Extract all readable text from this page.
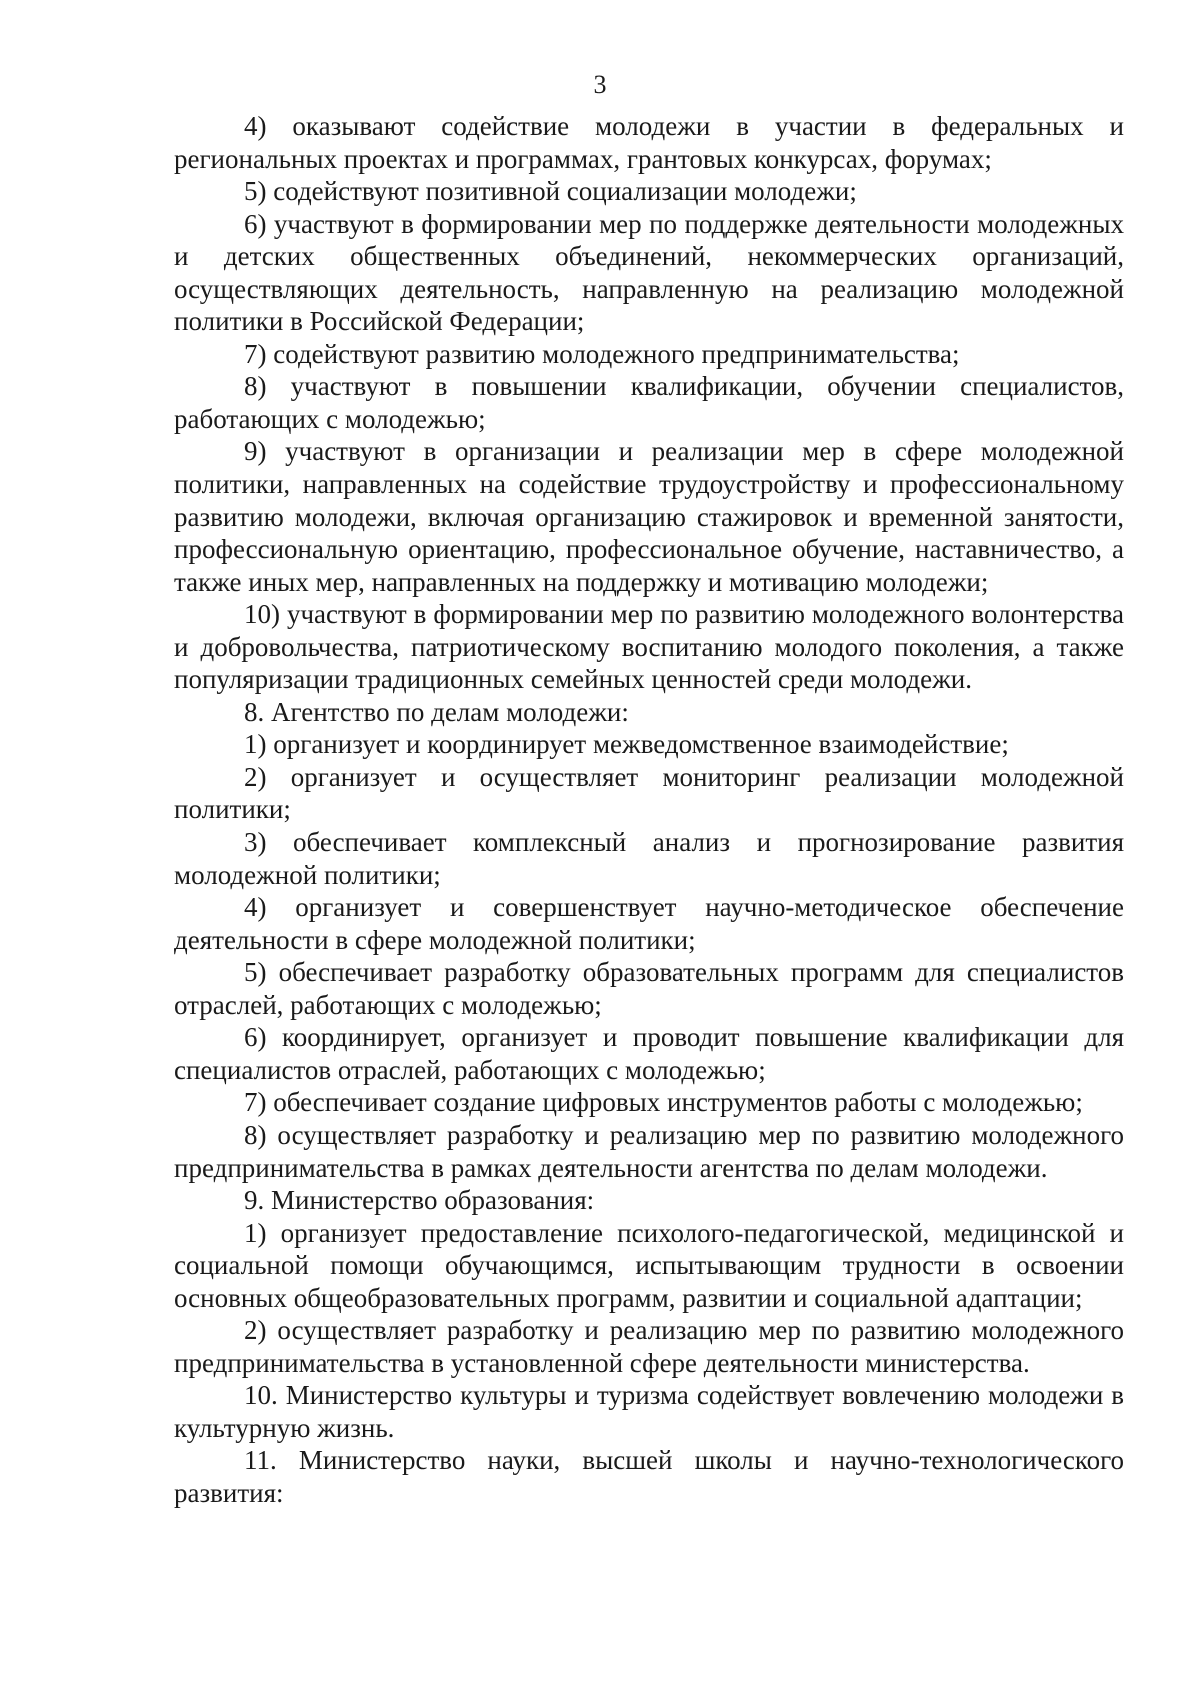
3

4) оказывают содействие молодежи в участии в федеральных и региональных проектах и программах, грантовых конкурсах, форумах;

5) содействуют позитивной социализации молодежи;

6) участвуют в формировании мер по поддержке деятельности молодежных и детских общественных объединений, некоммерческих организаций, осуществляющих деятельность, направленную на реализацию молодежной политики в Российской Федерации;

7) содействуют развитию молодежного предпринимательства;

8) участвуют в повышении квалификации, обучении специалистов, работающих с молодежью;

9) участвуют в организации и реализации мер в сфере молодежной политики, направленных на содействие трудоустройству и профессиональному развитию молодежи, включая организацию стажировок и временной занятости, профессиональную ориентацию, профессиональное обучение, наставничество, а также иных мер, направленных на поддержку и мотивацию молодежи;

10) участвуют в формировании мер по развитию молодежного волонтерства и добровольчества, патриотическому воспитанию молодого поколения, а также популяризации традиционных семейных ценностей среди молодежи.

8. Агентство по делам молодежи:

1) организует и координирует межведомственное взаимодействие;

2) организует и осуществляет мониторинг реализации молодежной политики;

3) обеспечивает комплексный анализ и прогнозирование развития молодежной политики;

4) организует и совершенствует научно-методическое обеспечение деятельности в сфере молодежной политики;

5) обеспечивает разработку образовательных программ для специалистов отраслей, работающих с молодежью;

6) координирует, организует и проводит повышение квалификации для специалистов отраслей, работающих с молодежью;

7) обеспечивает создание цифровых инструментов работы с молодежью;

8) осуществляет разработку и реализацию мер по развитию молодежного предпринимательства в рамках деятельности агентства по делам молодежи.

9. Министерство образования:

1) организует предоставление психолого-педагогической, медицинской и социальной помощи обучающимся, испытывающим трудности в освоении основных общеобразовательных программ, развитии и социальной адаптации;

2) осуществляет разработку и реализацию мер по развитию молодежного предпринимательства в установленной сфере деятельности министерства.

10. Министерство культуры и туризма содействует вовлечению молодежи в культурную жизнь.

11. Министерство науки, высшей школы и научно-технологического развития:
